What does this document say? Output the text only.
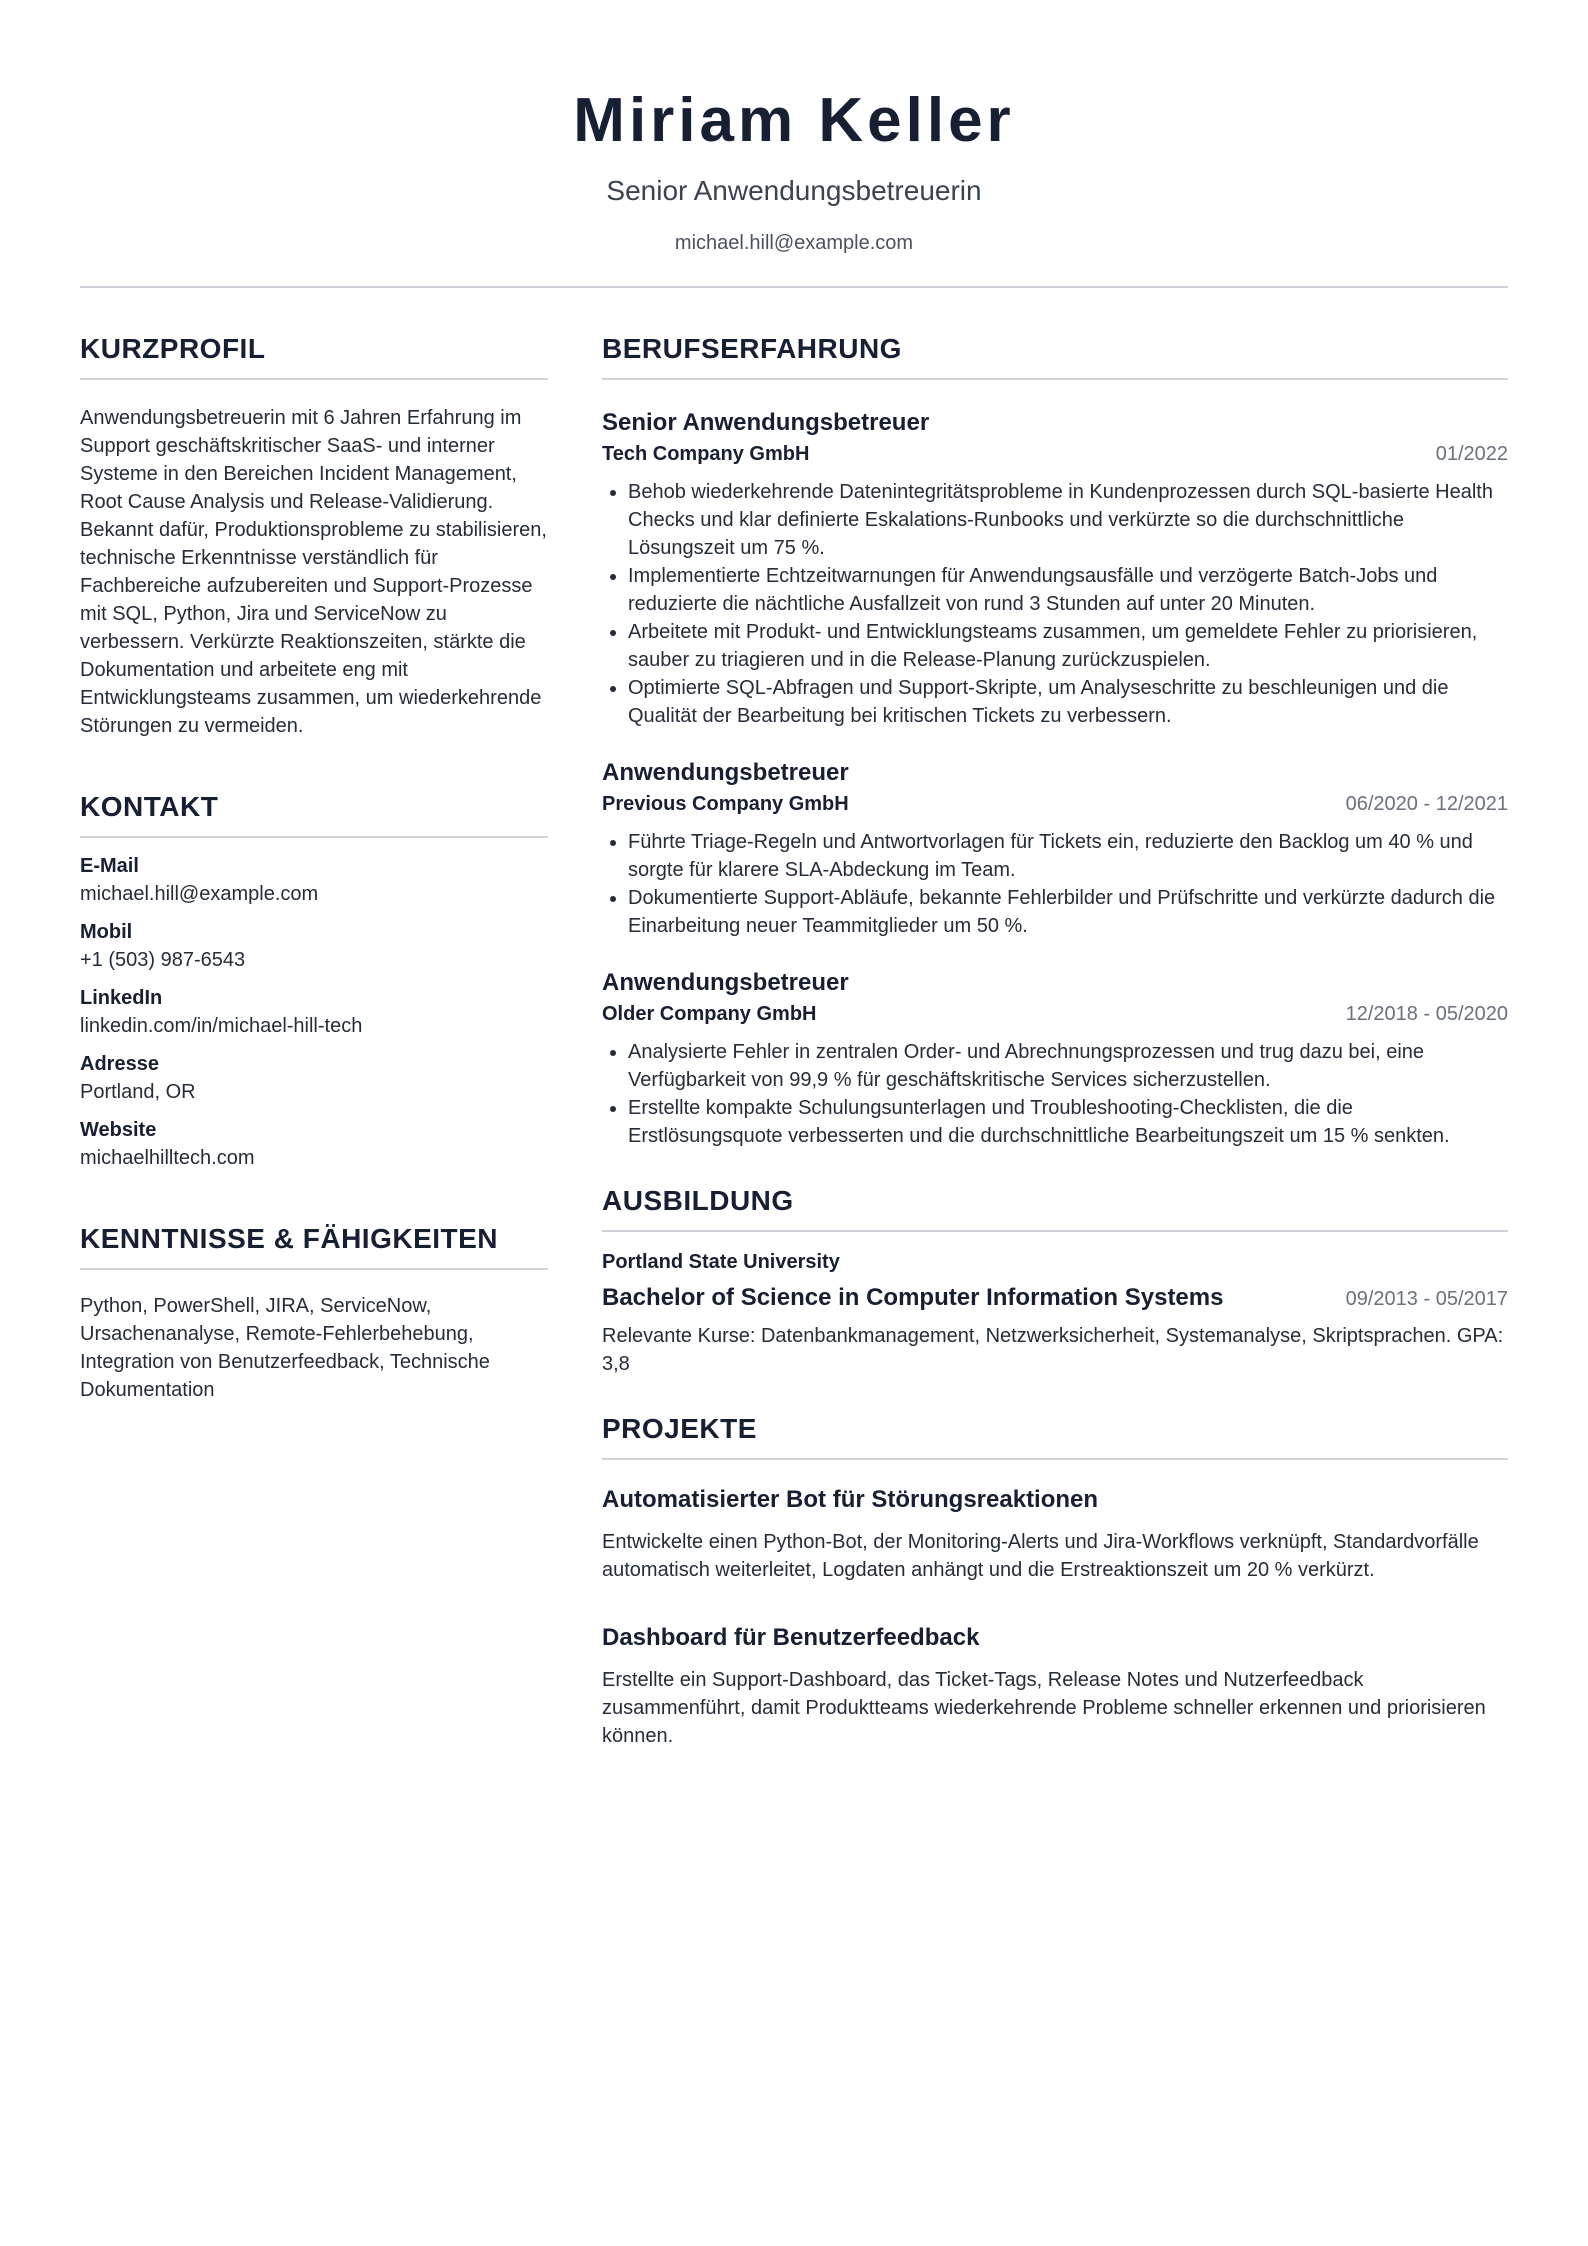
Miriam Keller
Senior Anwendungsbetreuerin
michael.hill@example.com
KURZPROFIL
Anwendungsbetreuerin mit 6 Jahren Erfahrung im Support geschäftskritischer SaaS- und interner Systeme in den Bereichen Incident Management, Root Cause Analysis und Release-Validierung. Bekannt dafür, Produktionsprobleme zu stabilisieren, technische Erkenntnisse verständlich für Fachbereiche aufzubereiten und Support-Prozesse mit SQL, Python, Jira und ServiceNow zu verbessern. Verkürzte Reaktionszeiten, stärkte die Dokumentation und arbeitete eng mit Entwicklungsteams zusammen, um wiederkehrende Störungen zu vermeiden.
KONTAKT
E-Mail
michael.hill@example.com
Mobil
+1 (503) 987-6543
LinkedIn
linkedin.com/in/michael-hill-tech
Adresse
Portland, OR
Website
michaelhilltech.com
KENNTNISSE & FÄHIGKEITEN
Python, PowerShell, JIRA, ServiceNow, Ursachenanalyse, Remote-Fehlerbehebung, Integration von Benutzerfeedback, Technische Dokumentation
BERUFSERFAHRUNG
Senior Anwendungsbetreuer
Tech Company GmbH	01/2022
• Behob wiederkehrende Datenintegritätsprobleme in Kundenprozessen durch SQL-basierte Health Checks und klar definierte Eskalations-Runbooks und verkürzte so die durchschnittliche Lösungszeit um 75 %.
• Implementierte Echtzeitwarnungen für Anwendungsausfälle und verzögerte Batch-Jobs und reduzierte die nächtliche Ausfallzeit von rund 3 Stunden auf unter 20 Minuten.
• Arbeitete mit Produkt- und Entwicklungsteams zusammen, um gemeldete Fehler zu priorisieren, sauber zu triagieren und in die Release-Planung zurückzuspielen.
• Optimierte SQL-Abfragen und Support-Skripte, um Analyseschritte zu beschleunigen und die Qualität der Bearbeitung bei kritischen Tickets zu verbessern.
Anwendungsbetreuer
Previous Company GmbH	06/2020 - 12/2021
• Führte Triage-Regeln und Antwortvorlagen für Tickets ein, reduzierte den Backlog um 40 % und sorgte für klarere SLA-Abdeckung im Team.
• Dokumentierte Support-Abläufe, bekannte Fehlerbilder und Prüfschritte und verkürzte dadurch die Einarbeitung neuer Teammitglieder um 50 %.
Anwendungsbetreuer
Older Company GmbH	12/2018 - 05/2020
• Analysierte Fehler in zentralen Order- und Abrechnungsprozessen und trug dazu bei, eine Verfügbarkeit von 99,9 % für geschäftskritische Services sicherzustellen.
• Erstellte kompakte Schulungsunterlagen und Troubleshooting-Checklisten, die die Erstlösungsquote verbesserten und die durchschnittliche Bearbeitungszeit um 15 % senkten.
AUSBILDUNG
Portland State University
Bachelor of Science in Computer Information Systems	09/2013 - 05/2017
Relevante Kurse: Datenbankmanagement, Netzwerksicherheit, Systemanalyse, Skriptsprachen. GPA: 3,8
PROJEKTE
Automatisierter Bot für Störungsreaktionen
Entwickelte einen Python-Bot, der Monitoring-Alerts und Jira-Workflows verknüpft, Standardvorfälle automatisch weiterleitet, Logdaten anhängt und die Erstreaktionszeit um 20 % verkürzt.
Dashboard für Benutzerfeedback
Erstellte ein Support-Dashboard, das Ticket-Tags, Release Notes und Nutzerfeedback zusammenführt, damit Produktteams wiederkehrende Probleme schneller erkennen und priorisieren können.
